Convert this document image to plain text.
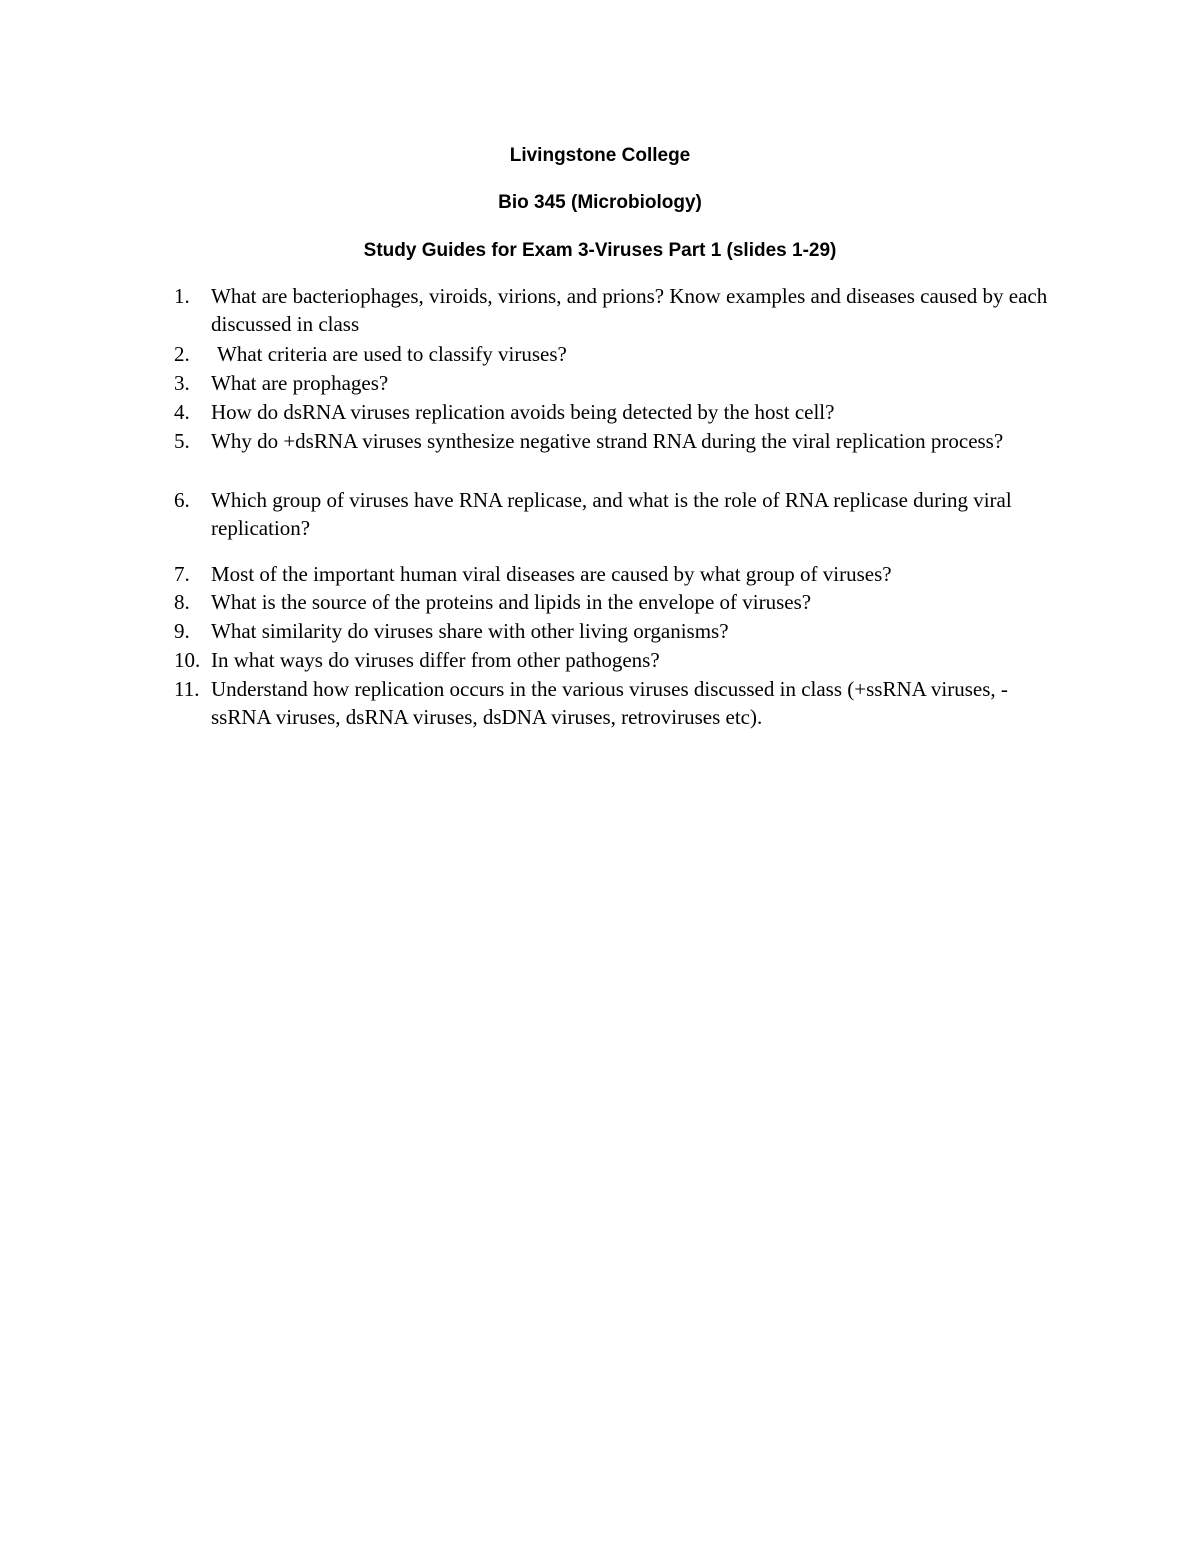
Livingstone College
Bio 345 (Microbiology)
Study Guides for Exam 3-Viruses Part 1 (slides 1-29)
1.	What are bacteriophages, viroids, virions, and prions? Know examples and diseases caused by each discussed in class
2.	What criteria are used to classify viruses?
3.	What are prophages?
4.	How do dsRNA viruses replication avoids being detected by the host cell?
5.	Why do +dsRNA viruses synthesize negative strand RNA during the viral replication process?
6.	Which group of viruses have RNA replicase, and what is the role of RNA replicase during viral replication?
7.	Most of the important human viral diseases are caused by what group of viruses?
8.	What is the source of the proteins and lipids in the envelope of viruses?
9.	What similarity do viruses share with other living organisms?
10. In what ways do viruses differ from other pathogens?
11. Understand how replication occurs in the various viruses discussed in class (+ssRNA viruses, -ssRNA viruses, dsRNA viruses, dsDNA viruses, retroviruses etc).
